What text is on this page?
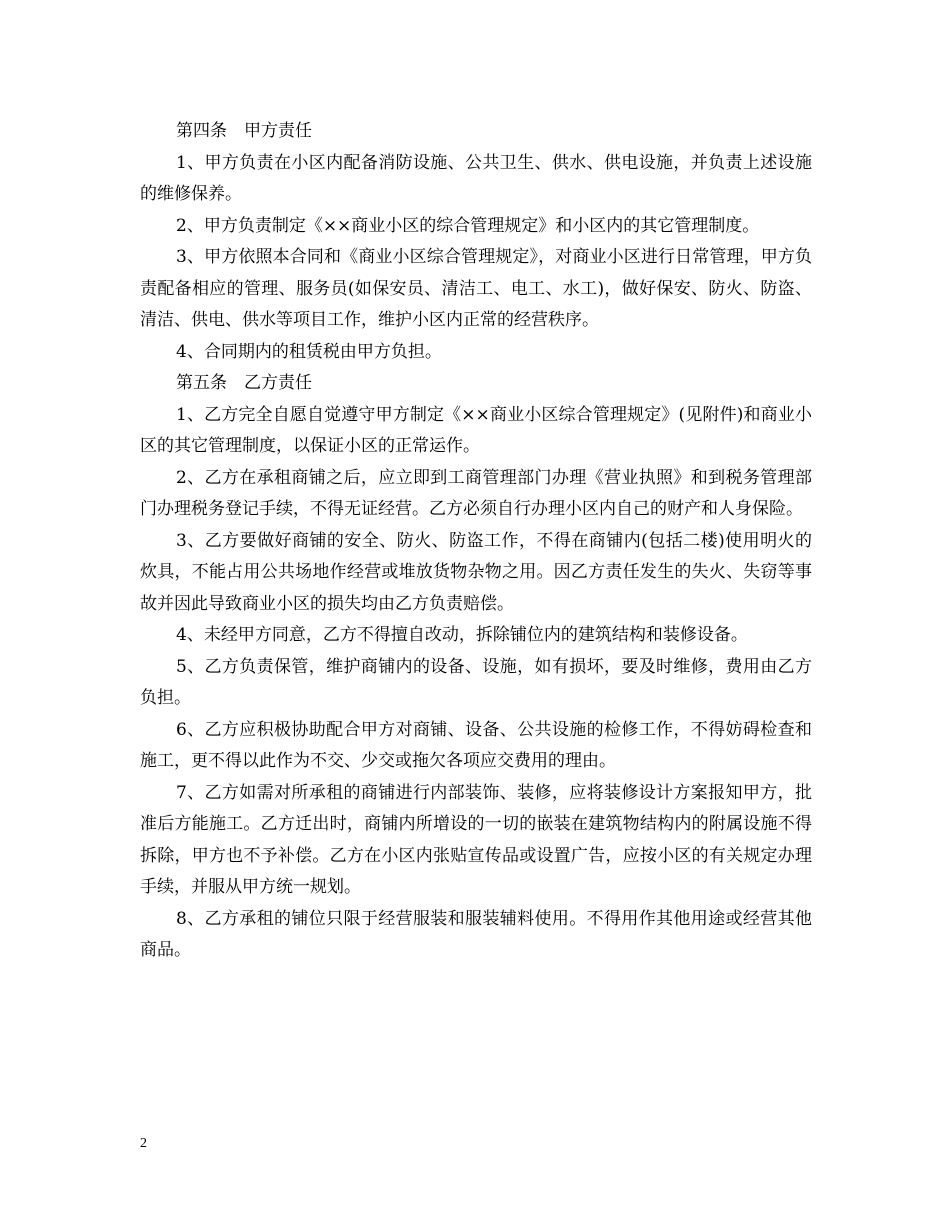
第四条　甲方责任

1、甲方负责在小区内配备消防设施、公共卫生、供水、供电设施，并负责上述设施的维修保养。

2、甲方负责制定《××商业小区的综合管理规定》和小区内的其它管理制度。

3、甲方依照本合同和《商业小区综合管理规定》，对商业小区进行日常管理，甲方负责配备相应的管理、服务员(如保安员、清洁工、电工、水工)，做好保安、防火、防盗、清洁、供电、供水等项目工作，维护小区内正常的经营秩序。

4、合同期内的租赁税由甲方负担。

第五条　乙方责任

1、乙方完全自愿自觉遵守甲方制定《××商业小区综合管理规定》(见附件)和商业小区的其它管理制度，以保证小区的正常运作。

2、乙方在承租商铺之后，应立即到工商管理部门办理《营业执照》和到税务管理部门办理税务登记手续，不得无证经营。乙方必须自行办理小区内自己的财产和人身保险。

3、乙方要做好商铺的安全、防火、防盗工作，不得在商铺内(包括二楼)使用明火的炊具，不能占用公共场地作经营或堆放货物杂物之用。因乙方责任发生的失火、失窃等事故并因此导致商业小区的损失均由乙方负责赔偿。

4、未经甲方同意，乙方不得擅自改动，拆除铺位内的建筑结构和装修设备。

5、乙方负责保管，维护商铺内的设备、设施，如有损坏，要及时维修，费用由乙方负担。

6、乙方应积极协助配合甲方对商铺、设备、公共设施的检修工作，不得妨碍检查和施工，更不得以此作为不交、少交或拖欠各项应交费用的理由。

7、乙方如需对所承租的商铺进行内部装饰、装修，应将装修设计方案报知甲方，批准后方能施工。乙方迁出时，商铺内所增设的一切的嵌装在建筑物结构内的附属设施不得拆除，甲方也不予补偿。乙方在小区内张贴宣传品或设置广告，应按小区的有关规定办理手续，并服从甲方统一规划。

8、乙方承租的铺位只限于经营服装和服装辅料使用。不得用作其他用途或经营其他商品。

2
